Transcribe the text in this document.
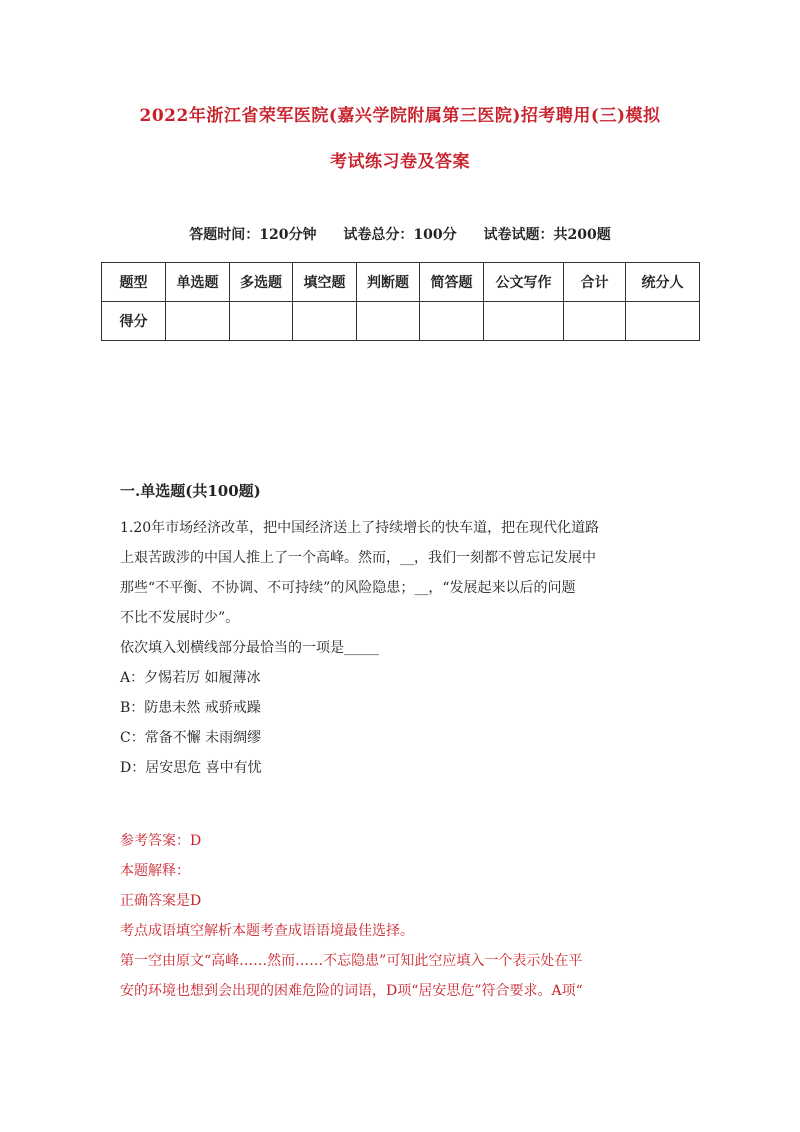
2022年浙江省荣军医院(嘉兴学院附属第三医院)招考聘用(三)模拟
考试练习卷及答案
答题时间：120分钟 试卷总分：100分 试卷试题：共200题
题型	单选题	多选题	填空题	判断题	简答题	公文写作	合计	统分人
得分								
一.单选题(共100题)
1.20年市场经济改革，把中国经济送上了持续增长的快车道，把在现代化道路
上艰苦跋涉的中国人推上了一个高峰。然而，__，我们一刻都不曾忘记发展中
那些“不平衡、不协调、不可持续”的风险隐患；__，“发展起来以后的问题
不比不发展时少”。
依次填入划横线部分最恰当的一项是_____
A：夕惕若厉 如履薄冰
B：防患未然 戒骄戒躁
C：常备不懈 未雨绸缪
D：居安思危 喜中有忧
参考答案：D
本题解释：
正确答案是D
考点成语填空解析本题考查成语语境最佳选择。
第一空由原文“高峰……然而……不忘隐患”可知此空应填入一个表示处在平
安的环境也想到会出现的困难危险的词语，D项“居安思危”符合要求。A项“
